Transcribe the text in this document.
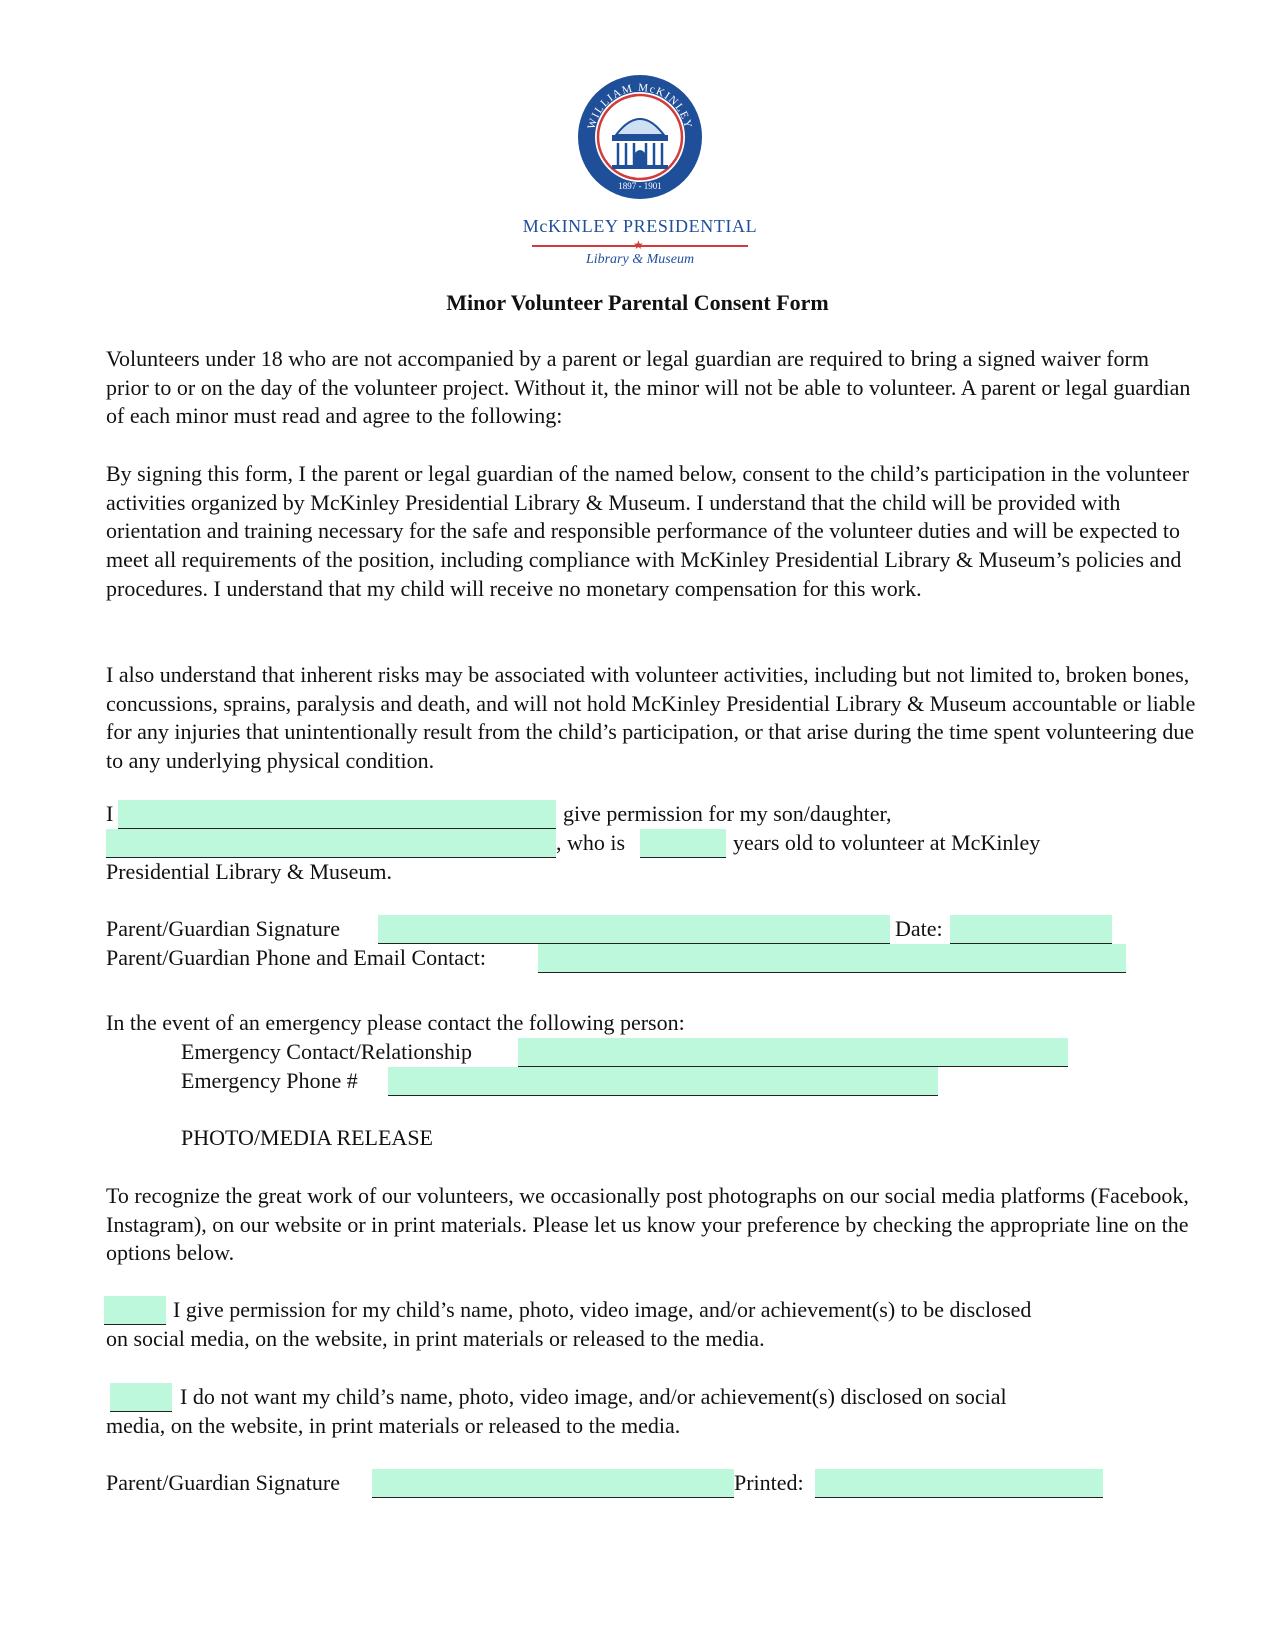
WILLIAM McKINLEY
1897 - 1901
McKINLEY PRESIDENTIAL
★
Library & Museum
Minor Volunteer Parental Consent Form
Volunteers under 18 who are not accompanied by a parent or legal guardian are required to bring a signed waiver form prior to or on the day of the volunteer project. Without it, the minor will not be able to volunteer. A parent or legal guardian of each minor must read and agree to the following:
By signing this form, I the parent or legal guardian of the named below, consent to the child’s participation in the volunteer activities organized by McKinley Presidential Library & Museum. I understand that the child will be provided with orientation and training necessary for the safe and responsible performance of the volunteer duties and will be expected to meet all requirements of the position, including compliance with McKinley Presidential Library & Museum’s policies and procedures. I understand that my child will receive no monetary compensation for this work.
I also understand that inherent risks may be associated with volunteer activities, including but not limited to, broken bones, concussions, sprains, paralysis and death, and will not hold McKinley Presidential Library & Museum accountable or liable for any injuries that unintentionally result from the child’s participation, or that arise during the time spent volunteering due to any underlying physical condition.
I	give permission for my son/daughter,
, who is	years old to volunteer at McKinley
Presidential Library & Museum.
Parent/Guardian Signature	Date:
Parent/Guardian Phone and Email Contact:
In the event of an emergency please contact the following person:
Emergency Contact/Relationship
Emergency Phone #
PHOTO/MEDIA RELEASE
To recognize the great work of our volunteers, we occasionally post photographs on our social media platforms (Facebook, Instagram), on our website or in print materials. Please let us know your preference by checking the appropriate line on the options below.
I give permission for my child’s name, photo, video image, and/or achievement(s) to be disclosed
on social media, on the website, in print materials or released to the media.
I do not want my child’s name, photo, video image, and/or achievement(s) disclosed on social
media, on the website, in print materials or released to the media.
Parent/Guardian Signature	Printed:
